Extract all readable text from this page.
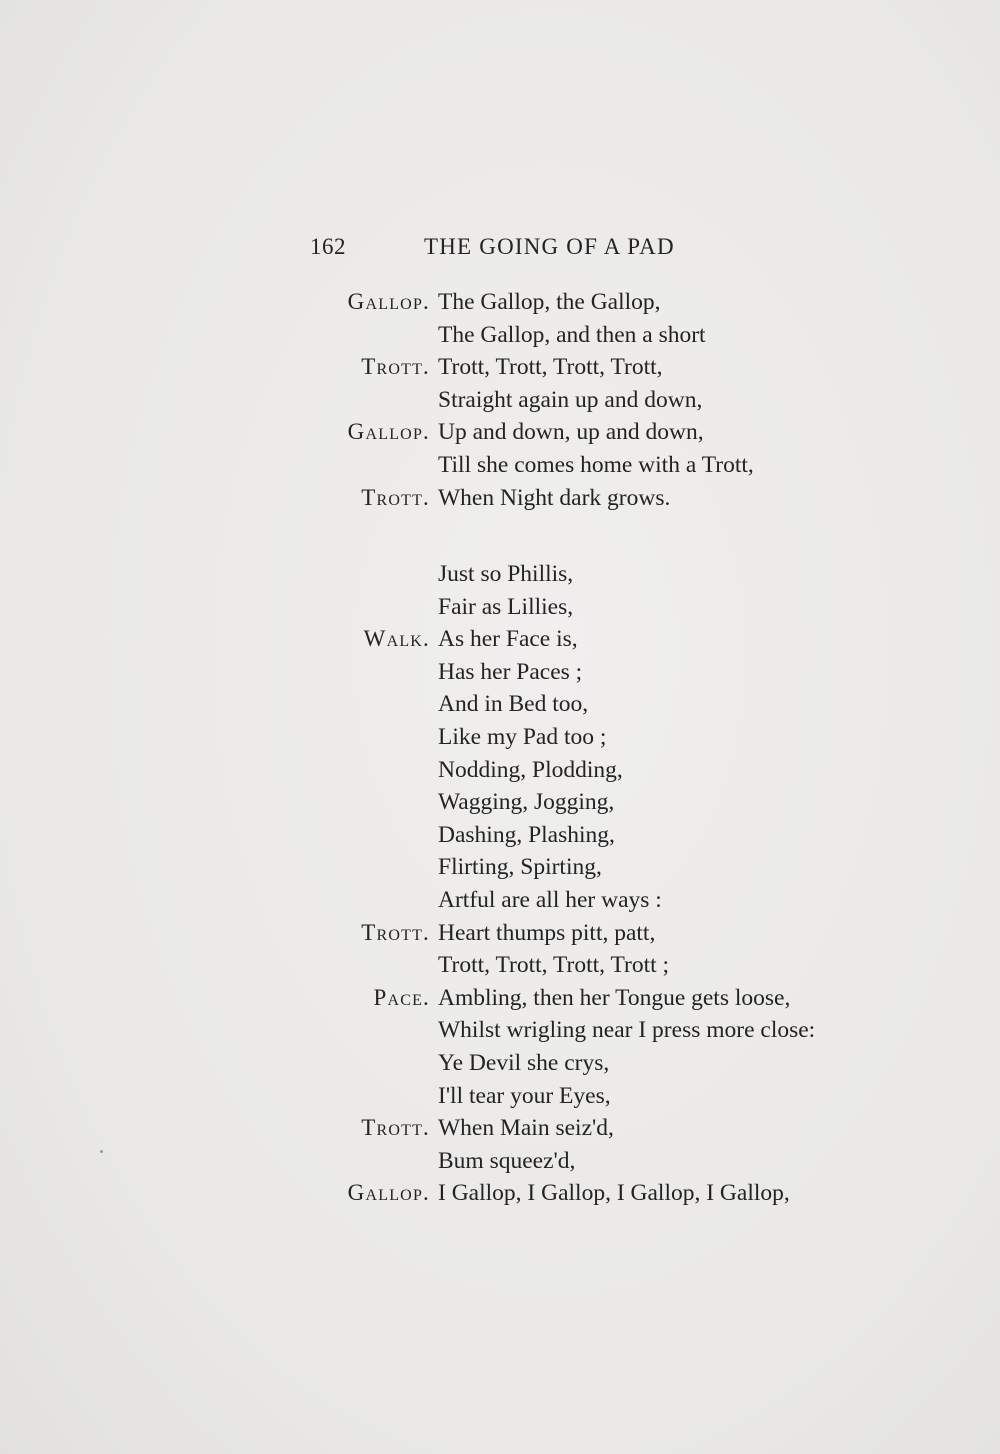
162	THE GOING OF A PAD
Gallop. The Gallop, the Gallop,
The Gallop, and then a short
Trott. Trott, Trott, Trott, Trott,
Straight again up and down,
Gallop. Up and down, up and down,
Till she comes home with a Trott,
Trott. When Night dark grows.
Just so Phillis,
Fair as Lillies,
Walk. As her Face is,
Has her Paces ;
And in Bed too,
Like my Pad too ;
Nodding, Plodding,
Wagging, Jogging,
Dashing, Plashing,
Flirting, Spirting,
Artful are all her ways :
Trott. Heart thumps pitt, patt,
Trott, Trott, Trott, Trott ;
Pace. Ambling, then her Tongue gets loose,
Whilst wrigling near I press more close:
Ye Devil she crys,
I'll tear your Eyes,
Trott. When Main seiz'd,
Bum squeez'd,
Gallop. I Gallop, I Gallop, I Gallop, I Gallop,
